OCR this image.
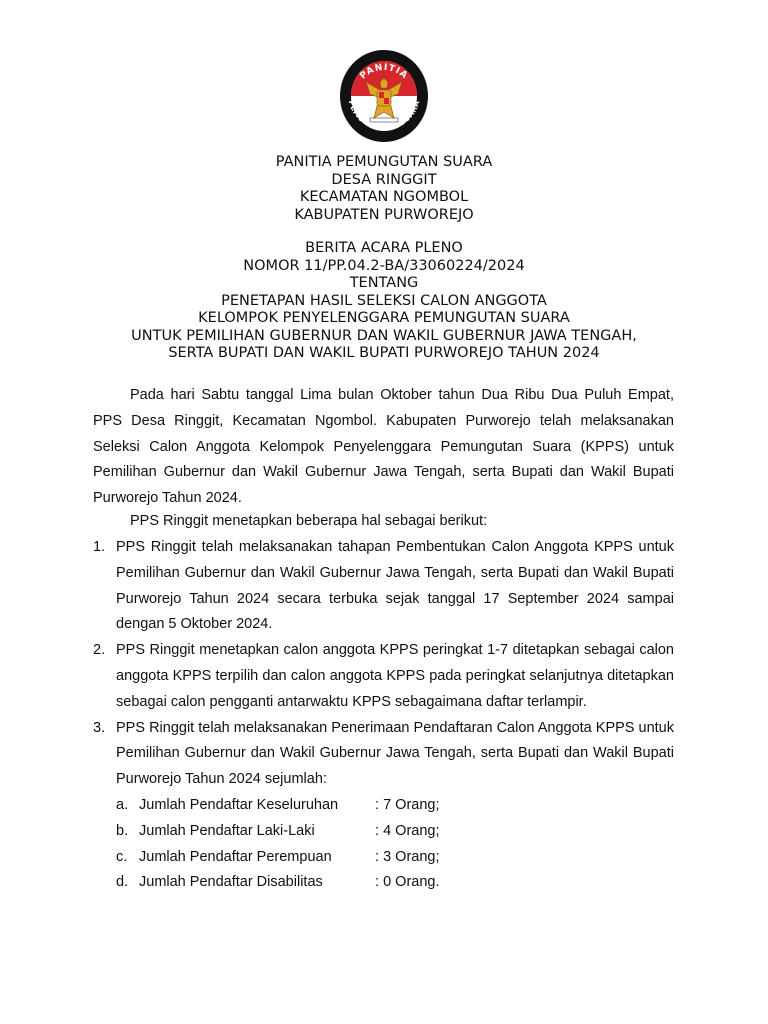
PANITIA
PEMUNGUTAN SUARA
PANITIA PEMUNGUTAN SUARA
DESA RINGGIT
KECAMATAN NGOMBOL
KABUPATEN PURWOREJO
BERITA ACARA PLENO
NOMOR 11/PP.04.2-BA/33060224/2024
TENTANG
PENETAPAN HASIL SELEKSI CALON ANGGOTA
KELOMPOK PENYELENGGARA PEMUNGUTAN SUARA
UNTUK PEMILIHAN GUBERNUR DAN WAKIL GUBERNUR JAWA TENGAH,
SERTA BUPATI DAN WAKIL BUPATI PURWOREJO TAHUN 2024
Pada hari Sabtu tanggal Lima bulan Oktober tahun Dua Ribu Dua Puluh Empat, PPS Desa Ringgit, Kecamatan Ngombol. Kabupaten Purworejo telah melaksanakan Seleksi Calon Anggota Kelompok Penyelenggara Pemungutan Suara (KPPS) untuk Pemilihan Gubernur dan Wakil Gubernur Jawa Tengah, serta Bupati dan Wakil Bupati Purworejo Tahun 2024.
PPS Ringgit menetapkan beberapa hal sebagai berikut:
1. PPS Ringgit telah melaksanakan tahapan Pembentukan Calon Anggota KPPS untuk Pemilihan Gubernur dan Wakil Gubernur Jawa Tengah, serta Bupati dan Wakil Bupati Purworejo Tahun 2024 secara terbuka sejak tanggal 17 September 2024 sampai dengan 5 Oktober 2024.
2. PPS Ringgit menetapkan calon anggota KPPS peringkat 1-7 ditetapkan sebagai calon anggota KPPS terpilih dan calon anggota KPPS pada peringkat selanjutnya ditetapkan sebagai calon pengganti antarwaktu KPPS sebagaimana daftar terlampir.
3. PPS Ringgit telah melaksanakan Penerimaan Pendaftaran Calon Anggota KPPS untuk Pemilihan Gubernur dan Wakil Gubernur Jawa Tengah, serta Bupati dan Wakil Bupati Purworejo Tahun 2024 sejumlah:
a. Jumlah Pendaftar Keseluruhan	: 7 Orang;
b. Jumlah Pendaftar Laki-Laki	: 4 Orang;
c. Jumlah Pendaftar Perempuan	: 3 Orang;
d. Jumlah Pendaftar Disabilitas	: 0 Orang.
